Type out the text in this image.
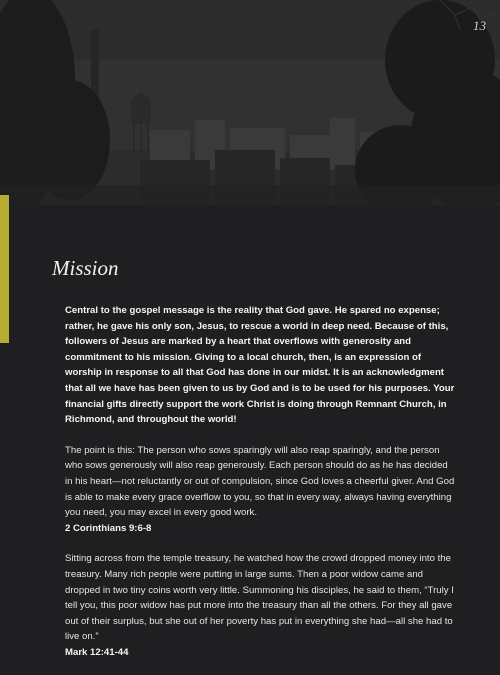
13
Mission

Central to the gospel message is the reality that God gave. He spared no expense; rather, he gave his only son, Jesus, to rescue a world in deep need. Because of this, followers of Jesus are marked by a heart that overflows with generosity and commitment to his mission. Giving to a local church, then, is an expression of worship in response to all that God has done in our midst. It is an acknowledgment that all we have has been given to us by God and is to be used for his purposes. Your financial gifts directly support the work Christ is doing through Remnant Church, in Richmond, and throughout the world!

The point is this: The person who sows sparingly will also reap sparingly, and the person who sows generously will also reap generously. Each person should do as he has decided in his heart—not reluctantly or out of compulsion, since God loves a cheerful giver. And God is able to make every grace overflow to you, so that in every way, always having everything you need, you may excel in every good work.
2 Corinthians 9:6-8

Sitting across from the temple treasury, he watched how the crowd dropped money into the treasury. Many rich people were putting in large sums. Then a poor widow came and dropped in two tiny coins worth very little. Summoning his disciples, he said to them, “Truly I tell you, this poor widow has put more into the treasury than all the others. For they all gave out of their surplus, but she out of her poverty has put in everything she had—all she had to live on.”
Mark 12:41-44
